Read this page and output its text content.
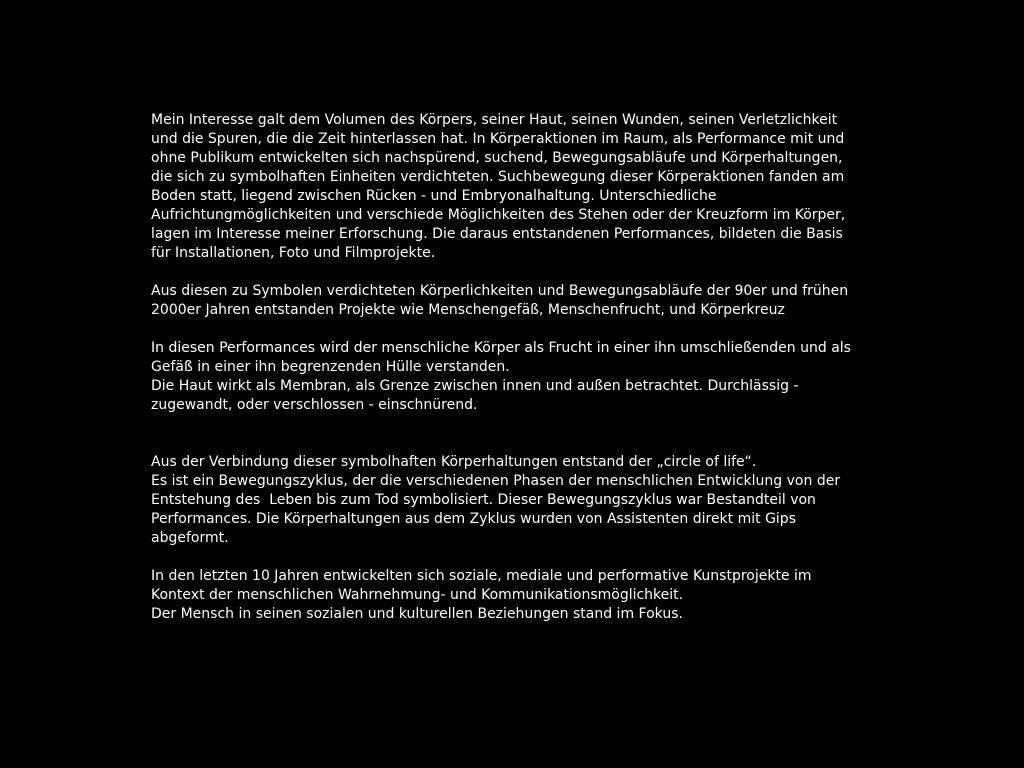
Mein Interesse galt dem Volumen des Körpers, seiner Haut, seinen Wunden, seinen Verletzlichkeit
und die Spuren, die die Zeit hinterlassen hat. In Körperaktionen im Raum, als Performance mit und
ohne Publikum entwickelten sich nachspürend, suchend, Bewegungsabläufe und Körperhaltungen,
die sich zu symbolhaften Einheiten verdichteten. Suchbewegung dieser Körperaktionen fanden am
Boden statt, liegend zwischen Rücken - und Embryonalhaltung. Unterschiedliche
Aufrichtungmöglichkeiten und verschiede Möglichkeiten des Stehen oder der Kreuzform im Körper,
lagen im Interesse meiner Erforschung. Die daraus entstandenen Performances, bildeten die Basis
für Installationen, Foto und Filmprojekte.

Aus diesen zu Symbolen verdichteten Körperlichkeiten und Bewegungsabläufe der 90er und frühen
2000er Jahren entstanden Projekte wie Menschengefäß, Menschenfrucht, und Körperkreuz

In diesen Performances wird der menschliche Körper als Frucht in einer ihn umschließenden und als
Gefäß in einer ihn begrenzenden Hülle verstanden.
Die Haut wirkt als Membran, als Grenze zwischen innen und außen betrachtet. Durchlässig -
zugewandt, oder verschlossen - einschnürend.

Aus der Verbindung dieser symbolhaften Körperhaltungen entstand der „circle of life“.
Es ist ein Bewegungszyklus, der die verschiedenen Phasen der menschlichen Entwicklung von der
Entstehung des  Leben bis zum Tod symbolisiert. Dieser Bewegungszyklus war Bestandteil von
Performances. Die Körperhaltungen aus dem Zyklus wurden von Assistenten direkt mit Gips
abgeformt.

In den letzten 10 Jahren entwickelten sich soziale, mediale und performative Kunstprojekte im
Kontext der menschlichen Wahrnehmung- und Kommunikationsmöglichkeit.
Der Mensch in seinen sozialen und kulturellen Beziehungen stand im Fokus.
